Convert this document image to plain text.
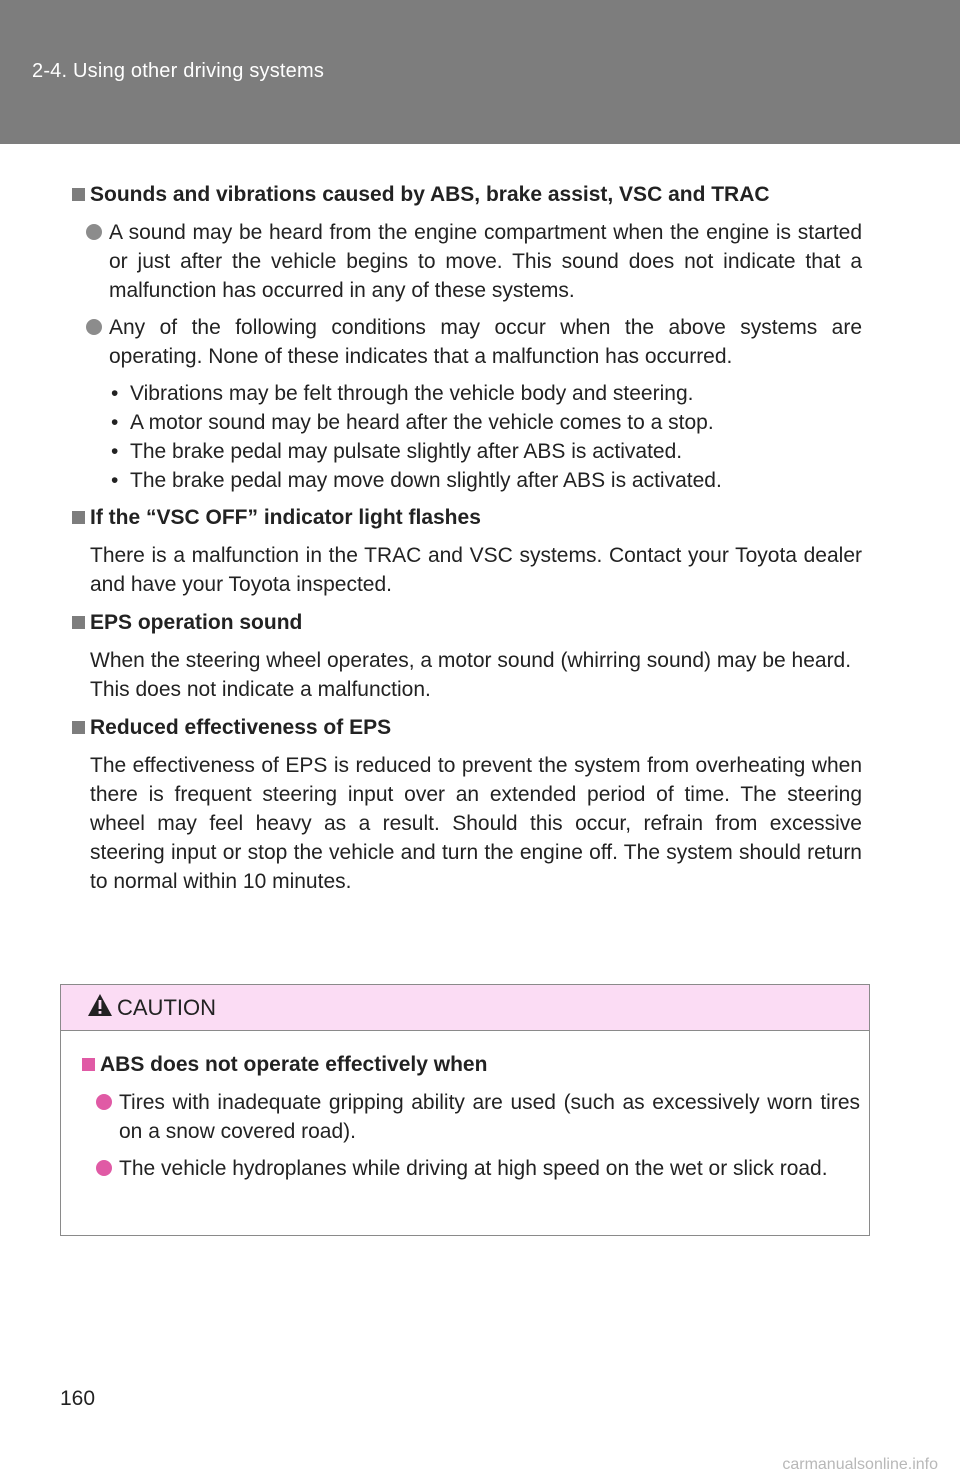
2-4. Using other driving systems
Sounds and vibrations caused by ABS, brake assist, VSC and TRAC
A sound may be heard from the engine compartment when the engine is started or just after the vehicle begins to move. This sound does not indicate that a malfunction has occurred in any of these systems.
Any of the following conditions may occur when the above systems are operating. None of these indicates that a malfunction has occurred.
• Vibrations may be felt through the vehicle body and steering.
• A motor sound may be heard after the vehicle comes to a stop.
• The brake pedal may pulsate slightly after ABS is activated.
• The brake pedal may move down slightly after ABS is activated.
If the “VSC OFF” indicator light flashes
There is a malfunction in the TRAC and VSC systems. Contact your Toyota dealer and have your Toyota inspected.
EPS operation sound
When the steering wheel operates, a motor sound (whirring sound) may be heard.
This does not indicate a malfunction.
Reduced effectiveness of EPS
The effectiveness of EPS is reduced to prevent the system from overheating when there is frequent steering input over an extended period of time. The steering wheel may feel heavy as a result. Should this occur, refrain from excessive steering input or stop the vehicle and turn the engine off. The system should return to normal within 10 minutes.
CAUTION
ABS does not operate effectively when
Tires with inadequate gripping ability are used (such as excessively worn tires on a snow covered road).
The vehicle hydroplanes while driving at high speed on the wet or slick road.
160
carmanualsonline.info
